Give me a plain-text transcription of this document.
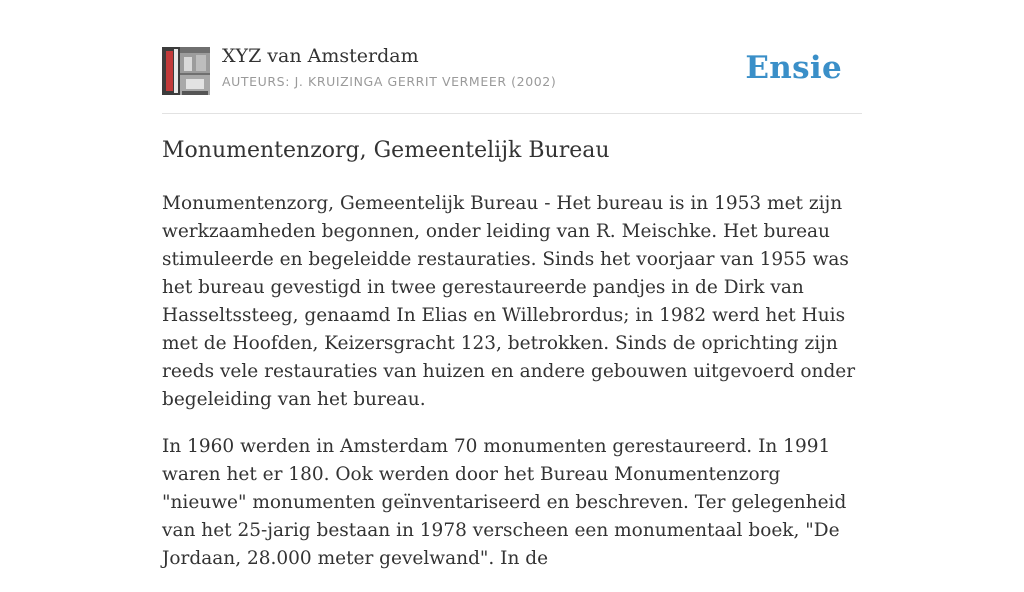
XYZ van Amsterdam
AUTEURS: J. KRUIZINGA GERRIT VERMEER (2002)	Ensie
Monumentenzorg, Gemeentelijk Bureau

Monumentenzorg, Gemeentelijk Bureau - Het bureau is in 1953 met zijn werkzaamheden begonnen, onder leiding van R. Meischke. Het bureau stimuleerde en begeleidde restauraties. Sinds het voorjaar van 1955 was het bureau gevestigd in twee gerestaureerde pandjes in de Dirk van Hasseltssteeg, genaamd In Elias en Willebrordus; in 1982 werd het Huis met de Hoofden, Keizersgracht 123, betrokken. Sinds de oprichting zijn reeds vele restauraties van huizen en andere gebouwen uitgevoerd onder begeleiding van het bureau.

In 1960 werden in Amsterdam 70 monumenten gerestaureerd. In 1991 waren het er 180. Ook werden door het Bureau Monumentenzorg "nieuwe" monumenten geïnventariseerd en beschreven. Ter gelegenheid van het 25-jarig bestaan in 1978 verscheen een monumentaal boek, "De Jordaan, 28.000 meter gevelwand". In de
